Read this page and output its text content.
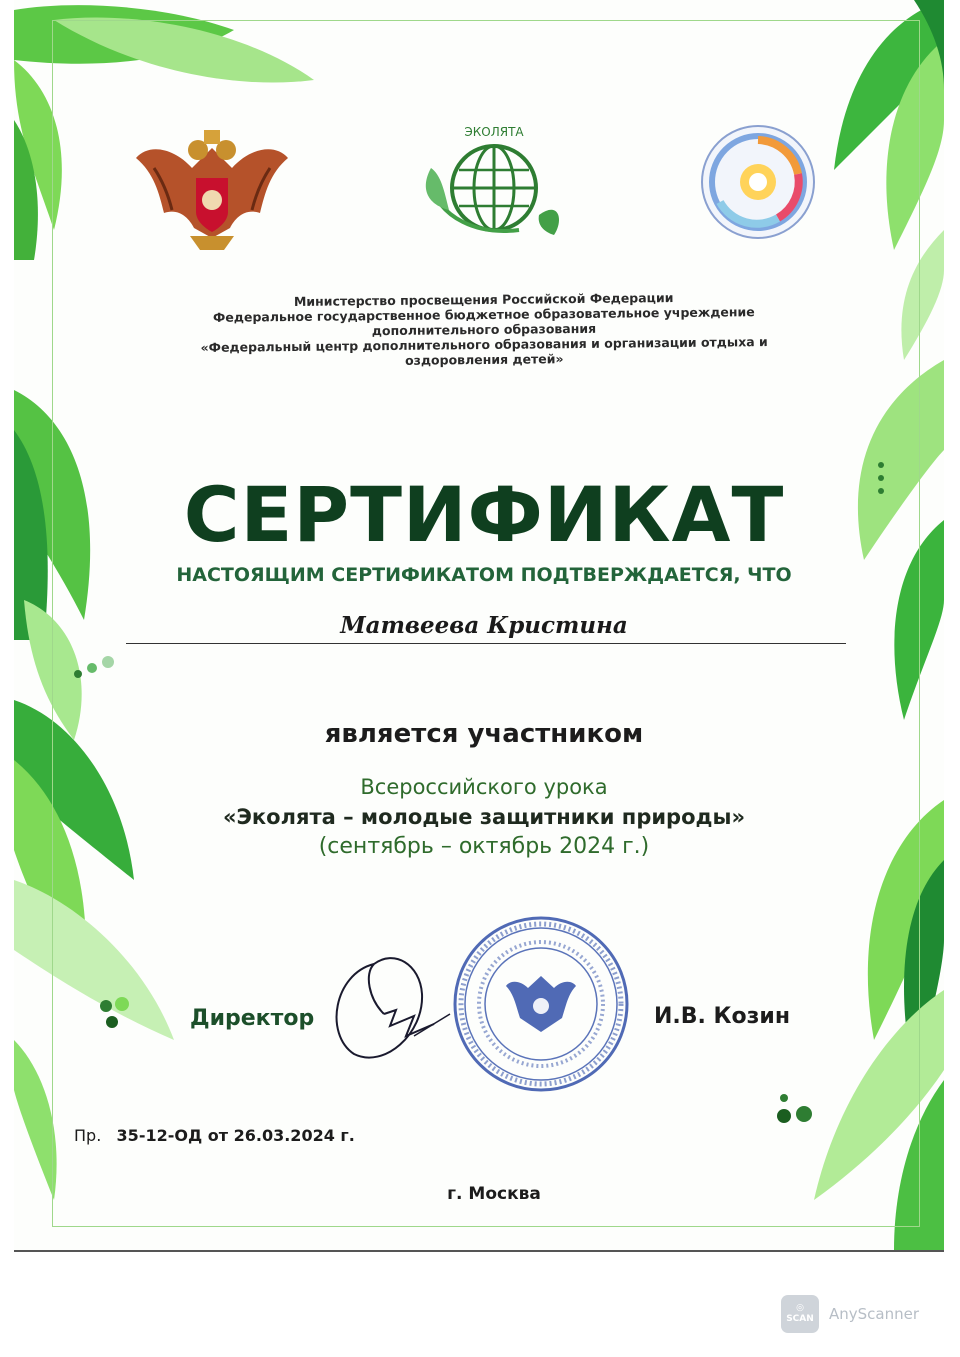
ЭКОЛЯТА
Министерство просвещения Российской Федерации
Федеральное государственное бюджетное образовательное учреждение
дополнительного образования
«Федеральный центр дополнительного образования и организации отдыха и
оздоровления детей»
СЕРТИФИКАТ
НАСТОЯЩИМ СЕРТИФИКАТОМ ПОДТВЕРЖДАЕТСЯ, ЧТО
Матвеева Кристина
является участником
Всероссийского урока
«Эколята – молодые защитники природы»
(сентябрь – октябрь 2024 г.)
Директор	И.В. Козин
Пр. 35-12-ОД от 26.03.2024 г.
г. Москва
◎
SCAN AnyScanner
